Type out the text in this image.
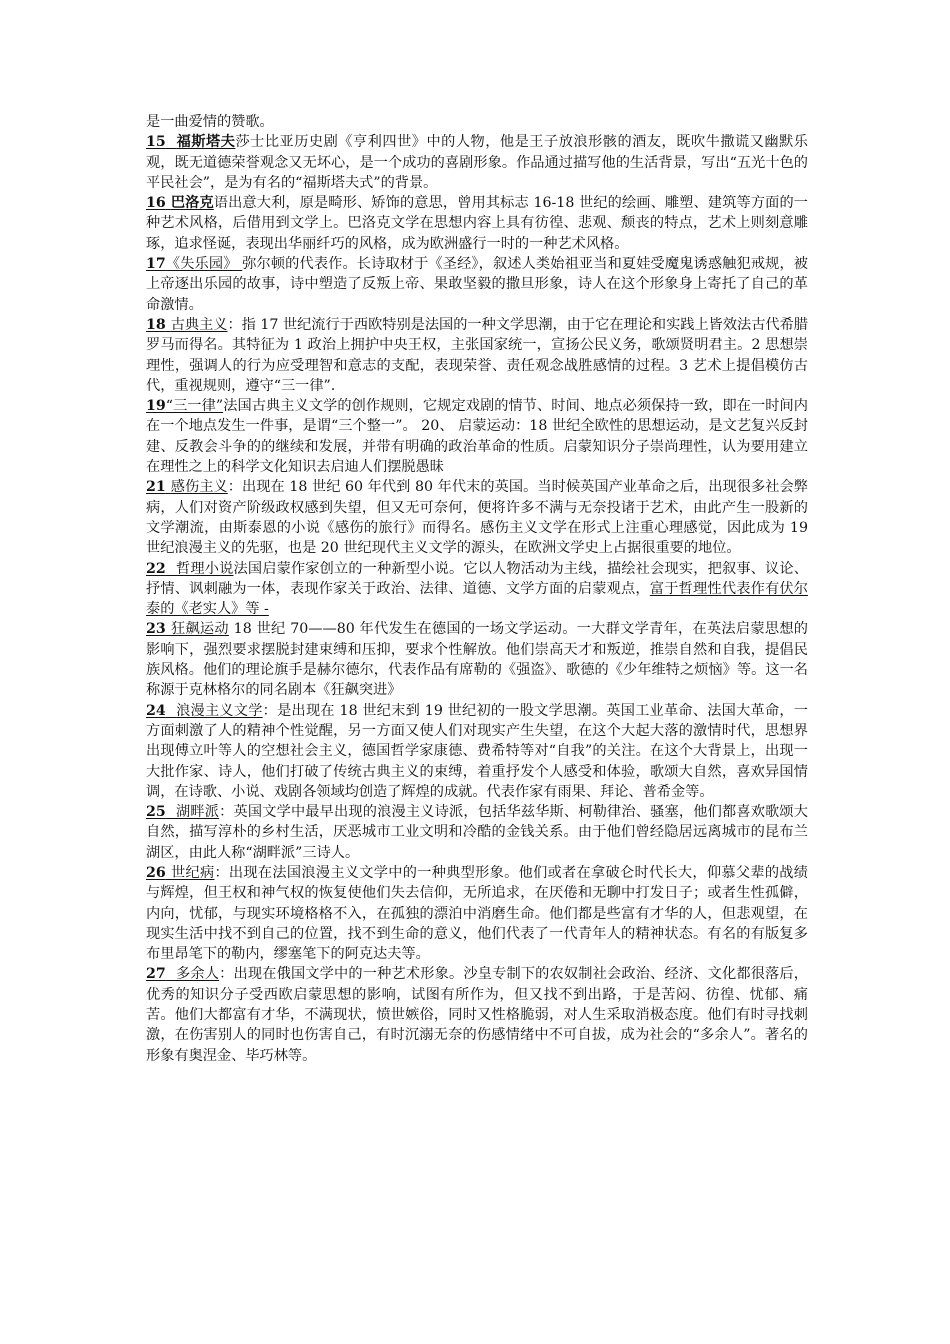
是一曲爱情的赞歌。

15 福斯塔夫莎士比亚历史剧《亨利四世》中的人物，他是王子放浪形骸的酒友，既吹牛撒谎又幽默乐观，既无道德荣誉观念又无坏心，是一个成功的喜剧形象。作品通过描写他的生活背景，写出“五光十色的平民社会”，是为有名的“福斯塔夫式”的背景。

16 巴洛克语出意大利，原是畸形、矫饰的意思，曾用其标志 16-18 世纪的绘画、雕塑、建筑等方面的一种艺术风格，后借用到文学上。巴洛克文学在思想内容上具有彷徨、悲观、颓丧的特点，艺术上则刻意雕琢，追求怪诞，表现出华丽纤巧的风格，成为欧洲盛行一时的一种艺术风格。

17《失乐园》 弥尔顿的代表作。长诗取材于《圣经》，叙述人类始祖亚当和夏娃受魔鬼诱惑触犯戒规，被上帝逐出乐园的故事，诗中塑造了反叛上帝、果敢坚毅的撒旦形象，诗人在这个形象身上寄托了自己的革命激情。

18 古典主义：指 17 世纪流行于西欧特别是法国的一种文学思潮，由于它在理论和实践上皆效法古代希腊罗马而得名。其特征为 1 政治上拥护中央王权，主张国家统一，宣扬公民义务，歌颂贤明君主。2 思想崇理性，强调人的行为应受理智和意志的支配，表现荣誉、责任观念战胜感情的过程。3 艺术上提倡模仿古代，重视规则，遵守“三一律”.

19“三一律”法国古典主义文学的创作规则，它规定戏剧的情节、时间、地点必须保持一致，即在一时间内在一个地点发生一件事，是谓“三个整一”。 20、 启蒙运动：18 世纪全欧性的思想运动，是文艺复兴反封建、反教会斗争的的继续和发展，并带有明确的政治革命的性质。启蒙知识分子崇尚理性，认为要用建立在理性之上的科学文化知识去启迪人们摆脱愚昧

21 感伤主义：出现在 18 世纪 60 年代到 80 年代末的英国。当时候英国产业革命之后，出现很多社会弊病，人们对资产阶级政权感到失望，但又无可奈何，便将许多不满与无奈投诸于艺术，由此产生一股新的文学潮流，由斯泰恩的小说《感伤的旅行》而得名。感伤主义文学在形式上注重心理感觉，因此成为 19 世纪浪漫主义的先驱，也是 20 世纪现代主义文学的源头，在欧洲文学史上占据很重要的地位。

22 哲理小说法国启蒙作家创立的一种新型小说。它以人物活动为主线，描绘社会现实，把叙事、议论、抒情、讽刺融为一体，表现作家关于政治、法律、道德、文学方面的启蒙观点，富于哲理性代表作有伏尔泰的《老实人》等 -

23 狂飙运动 18 世纪 70——80 年代发生在德国的一场文学运动。一大群文学青年，在英法启蒙思想的影响下，强烈要求摆脱封建束缚和压抑，要求个性解放。他们崇高天才和叛逆，推崇自然和自我，提倡民族风格。他们的理论旗手是赫尔德尔，代表作品有席勒的《强盗》、歌德的《少年维特之烦恼》等。这一名称源于克林格尔的同名剧本《狂飙突进》

24 浪漫主义文学：是出现在 18 世纪末到 19 世纪初的一股文学思潮。英国工业革命、法国大革命，一方面刺激了人的精神个性觉醒，另一方面又使人们对现实产生失望，在这个大起大落的激情时代，思想界出现傅立叶等人的空想社会主义，德国哲学家康德、费希特等对“自我”的关注。在这个大背景上，出现一大批作家、诗人，他们打破了传统古典主义的束缚，着重抒发个人感受和体验，歌颂大自然，喜欢异国情调，在诗歌、小说、戏剧各领域均创造了辉煌的成就。代表作家有雨果、拜论、普希金等。

25 湖畔派：英国文学中最早出现的浪漫主义诗派，包括华兹华斯、柯勒律治、骚塞，他们都喜欢歌颂大自然，描写淳朴的乡村生活，厌恶城市工业文明和冷酷的金钱关系。由于他们曾经隐居远离城市的昆布兰湖区，由此人称“湖畔派”三诗人。

26 世纪病：出现在法国浪漫主义文学中的一种典型形象。他们或者在拿破仑时代长大，仰慕父辈的战绩与辉煌，但王权和神气权的恢复使他们失去信仰，无所追求，在厌倦和无聊中打发日子；或者生性孤僻，内向，忧郁，与现实环境格格不入，在孤独的漂泊中消磨生命。他们都是些富有才华的人，但悲观望，在现实生活中找不到自己的位置，找不到生命的意义，他们代表了一代青年人的精神状态。有名的有版复多布里昂笔下的勒内，缪塞笔下的阿克达夫等。

27 多余人：出现在俄国文学中的一种艺术形象。沙皇专制下的农奴制社会政治、经济、文化都很落后，优秀的知识分子受西欧启蒙思想的影响，试图有所作为，但又找不到出路，于是苦闷、彷徨、忧郁、痛苦。他们大都富有才华，不满现状，愤世嫉俗，同时又性格脆弱，对人生采取消极态度。他们有时寻找刺激，在伤害别人的同时也伤害自己，有时沉溺无奈的伤感情绪中不可自拔，成为社会的“多余人”。著名的形象有奥涅金、毕巧林等。
